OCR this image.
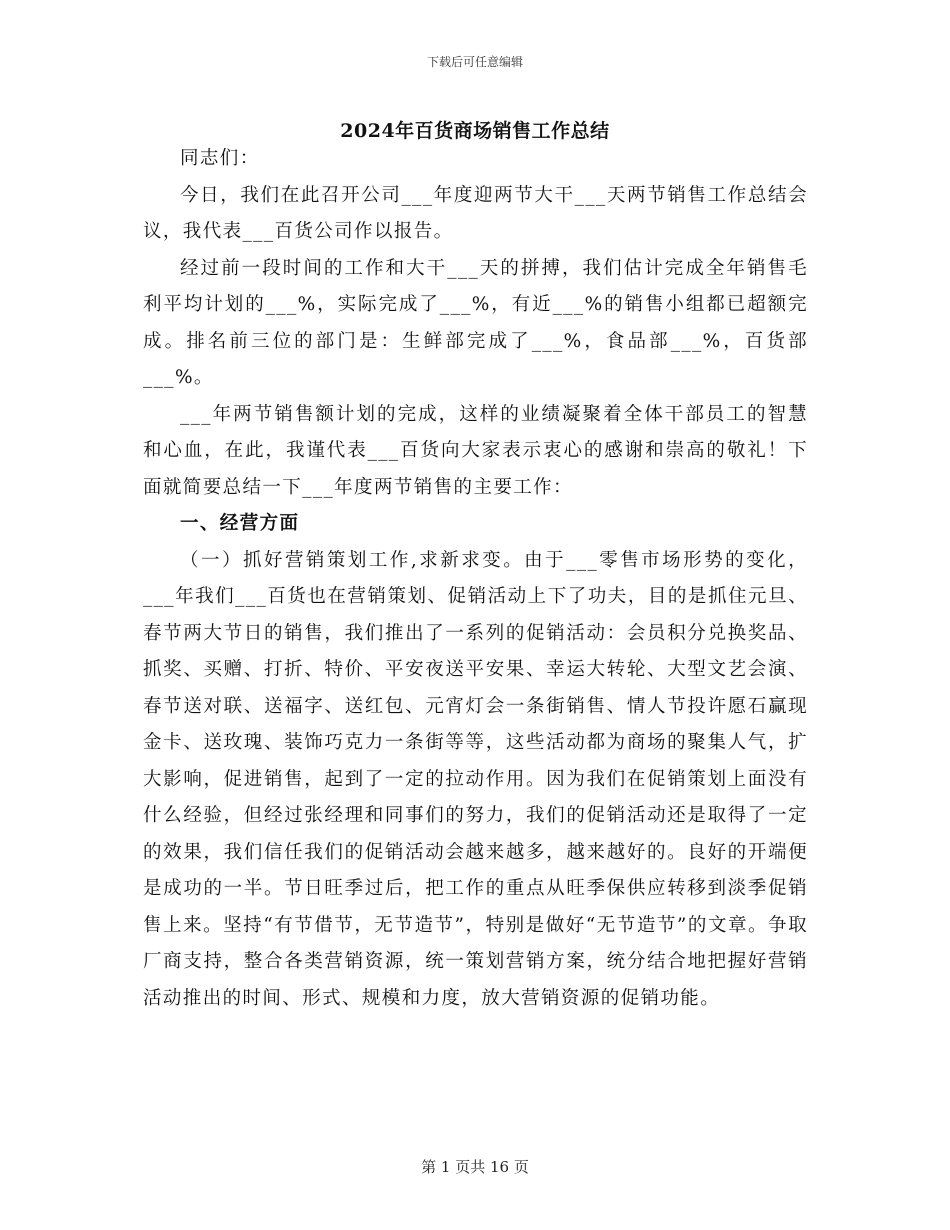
下载后可任意编辑
2024年百货商场销售工作总结

同志们：

今日，我们在此召开公司___年度迎两节大干___天两节销售工作总结会议，我代表___百货公司作以报告。

经过前一段时间的工作和大干___天的拼搏，我们估计完成全年销售毛利平均计划的___%，实际完成了___%，有近___%的销售小组都已超额完成。排名前三位的部门是：生鲜部完成了___%，食品部___%，百货部___%。

___年两节销售额计划的完成，这样的业绩凝聚着全体干部员工的智慧和心血，在此，我谨代表___百货向大家表示衷心的感谢和崇高的敬礼！下面就简要总结一下___年度两节销售的主要工作：

一、经营方面

（一）抓好营销策划工作,求新求变。由于___零售市场形势的变化，___年我们___百货也在营销策划、促销活动上下了功夫，目的是抓住元旦、春节两大节日的销售，我们推出了一系列的促销活动：会员积分兑换奖品、抓奖、买赠、打折、特价、平安夜送平安果、幸运大转轮、大型文艺会演、春节送对联、送福字、送红包、元宵灯会一条街销售、情人节投许愿石赢现金卡、送玫瑰、装饰巧克力一条街等等，这些活动都为商场的聚集人气，扩大影响，促进销售，起到了一定的拉动作用。因为我们在促销策划上面没有什么经验，但经过张经理和同事们的努力，我们的促销活动还是取得了一定的效果，我们信任我们的促销活动会越来越多，越来越好的。良好的开端便是成功的一半。节日旺季过后，把工作的重点从旺季保供应转移到淡季促销售上来。坚持“有节借节，无节造节”，特别是做好“无节造节”的文章。争取厂商支持，整合各类营销资源，统一策划营销方案，统分结合地把握好营销活动推出的时间、形式、规模和力度，放大营销资源的促销功能。

第 1 页共 16 页
